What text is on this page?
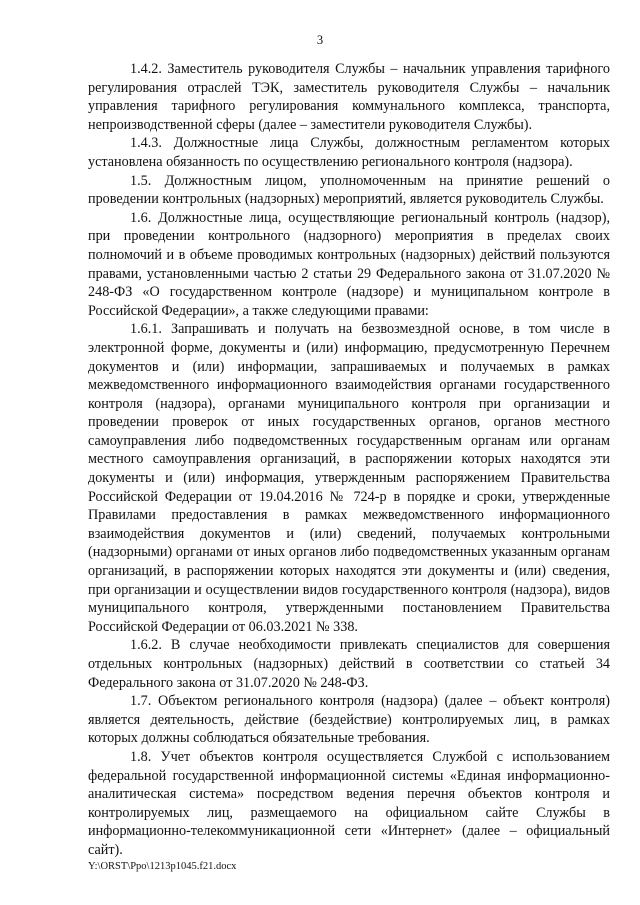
3

1.4.2. Заместитель руководителя Службы – начальник управления тарифного регулирования отраслей ТЭК, заместитель руководителя Службы – начальник управления тарифного регулирования коммунального комплекса, транспорта, непроизводственной сферы (далее – заместители руководителя Службы).

1.4.3. Должностные лица Службы, должностным регламентом которых установлена обязанность по осуществлению регионального контроля (надзора).

1.5. Должностным лицом, уполномоченным на принятие решений о проведении контрольных (надзорных) мероприятий, является руководитель Службы.

1.6. Должностные лица, осуществляющие региональный контроль (надзор), при проведении контрольного (надзорного) мероприятия в пределах своих полномочий и в объеме проводимых контрольных (надзорных) действий пользуются правами, установленными частью 2 статьи 29 Федерального закона от 31.07.2020 № 248-ФЗ «О государственном контроле (надзоре) и муниципальном контроле в Российской Федерации», а также следующими правами:

1.6.1. Запрашивать и получать на безвозмездной основе, в том числе в электронной форме, документы и (или) информацию, предусмотренную Перечнем документов и (или) информации, запрашиваемых и получаемых в рамках межведомственного информационного взаимодействия органами государственного контроля (надзора), органами муниципального контроля при организации и проведении проверок от иных государственных органов, органов местного самоуправления либо подведомственных государственным органам или органам местного самоуправления организаций, в распоряжении которых находятся эти документы и (или) информация, утвержденным распоряжением Правительства Российской Федерации от 19.04.2016 № 724-р в порядке и сроки, утвержденные Правилами предоставления в рамках межведомственного информационного взаимодействия документов и (или) сведений, получаемых контрольными (надзорными) органами от иных органов либо подведомственных указанным органам организаций, в распоряжении которых находятся эти документы и (или) сведения, при организации и осуществлении видов государственного контроля (надзора), видов муниципального контроля, утвержденными постановлением Правительства Российской Федерации от 06.03.2021 № 338.

1.6.2. В случае необходимости привлекать специалистов для совершения отдельных контрольных (надзорных) действий в соответствии со статьей 34 Федерального закона от 31.07.2020 № 248-ФЗ.

1.7. Объектом регионального контроля (надзора) (далее – объект контроля) является деятельность, действие (бездействие) контролируемых лиц, в рамках которых должны соблюдаться обязательные требования.

1.8. Учет объектов контроля осуществляется Службой с использованием федеральной государственной информационной системы «Единая информационно-аналитическая система» посредством ведения перечня объектов контроля и контролируемых лиц, размещаемого на официальном сайте Службы в информационно-телекоммуникационной сети «Интернет» (далее – официальный сайт).

Y:\ORST\Ppo\1213p1045.f21.docx
